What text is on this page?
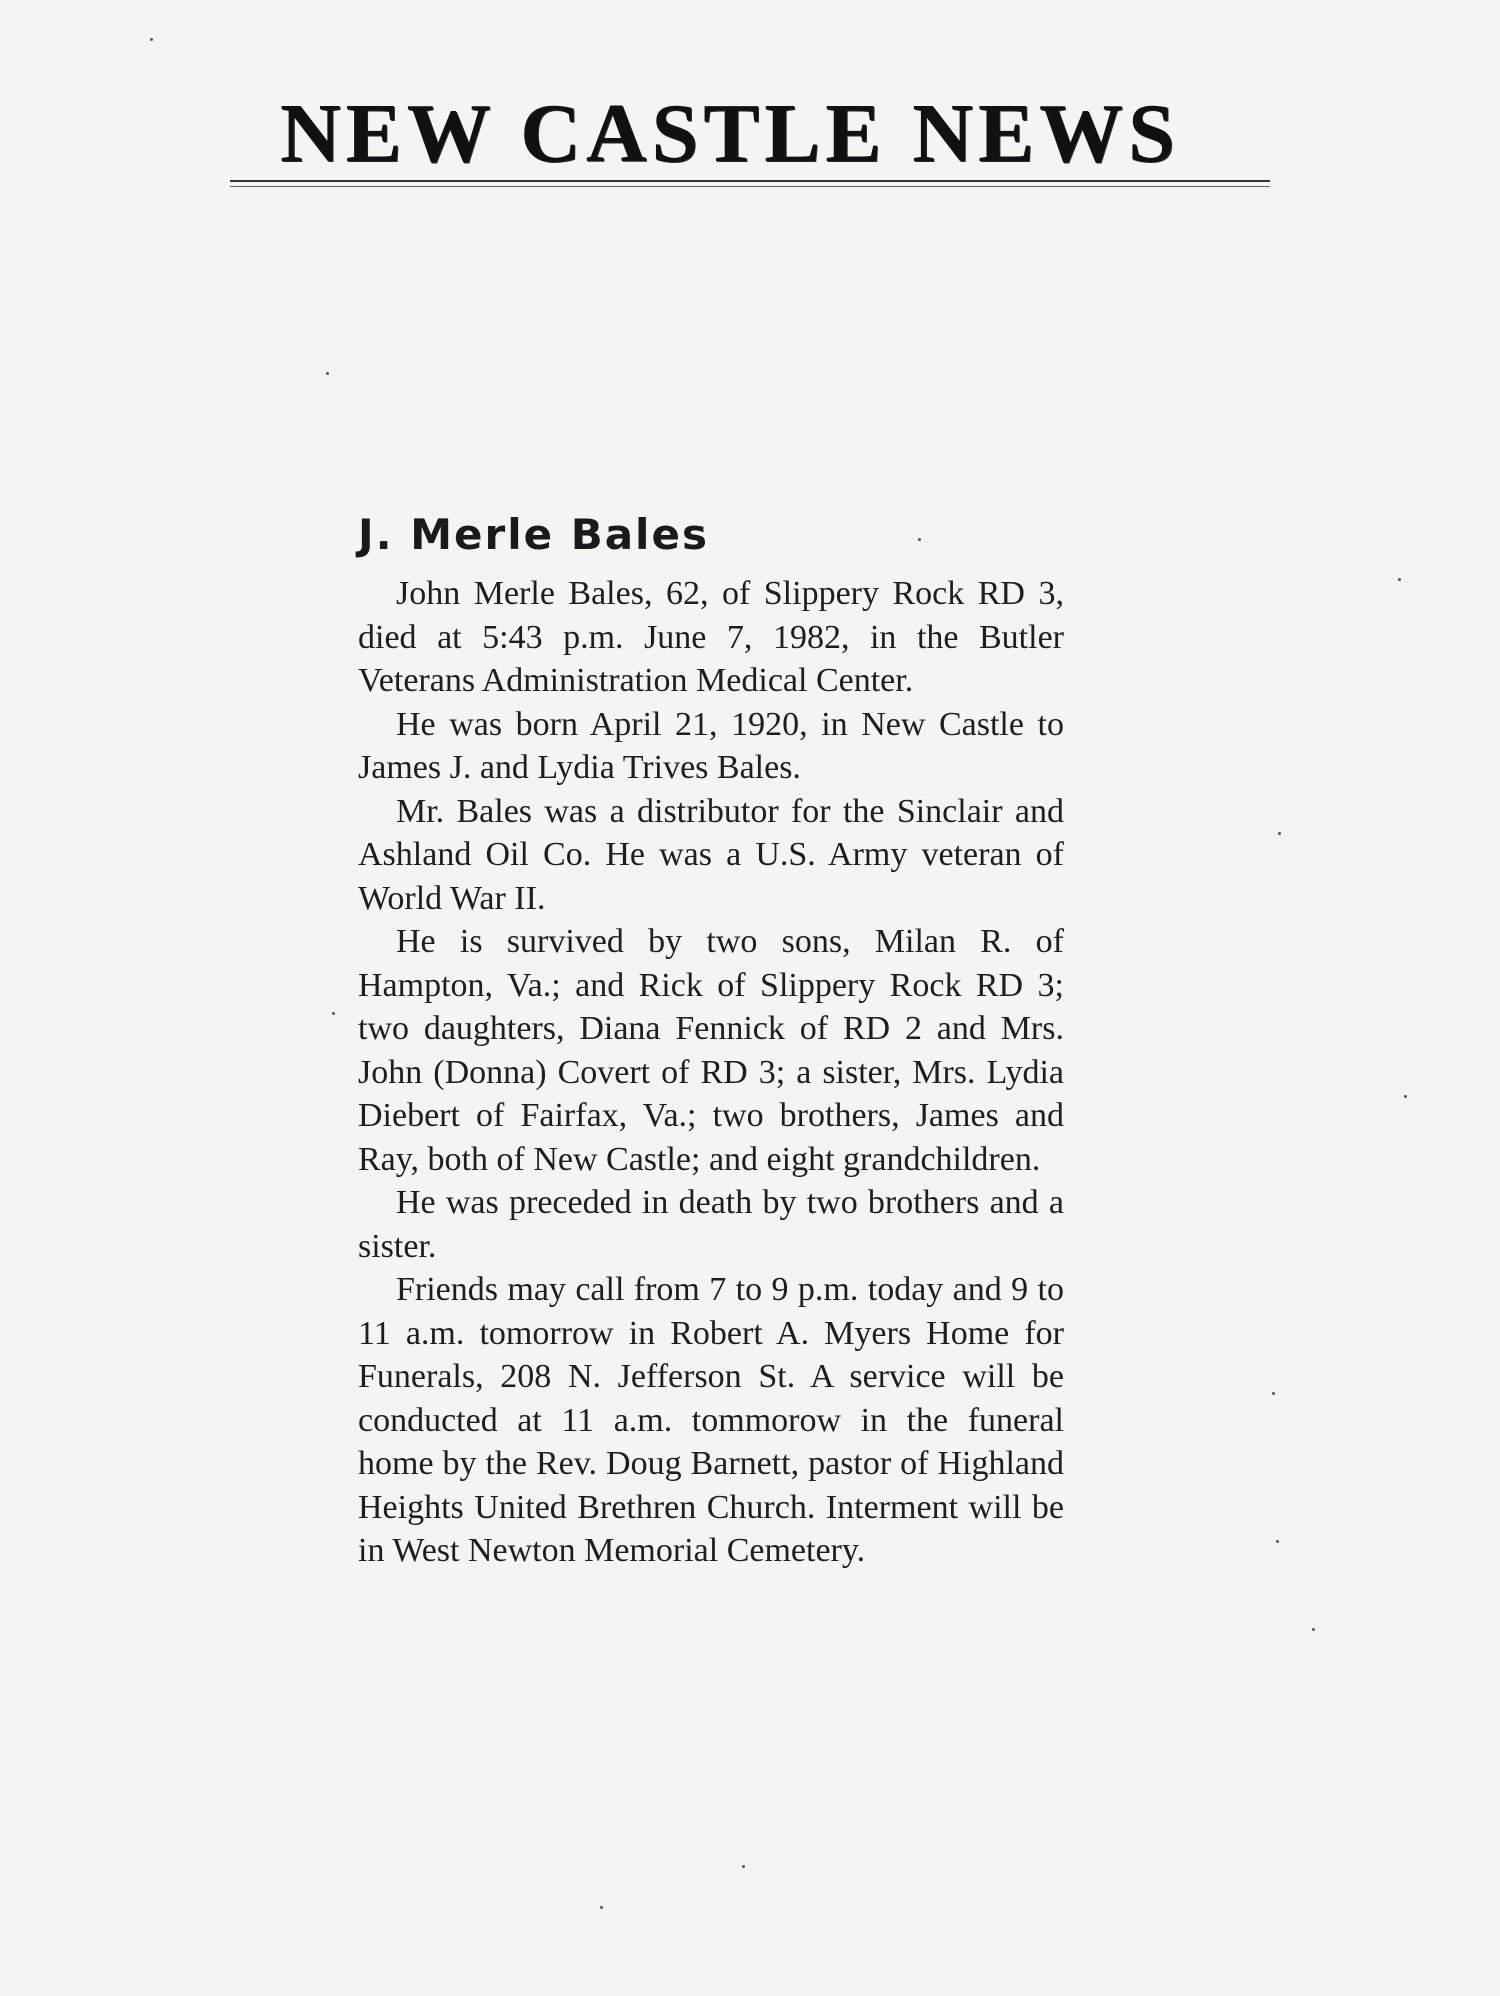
NEW CASTLE NEWS
J. Merle Bales

John Merle Bales, 62, of Slippery Rock RD 3, died at 5:43 p.m. June 7, 1982, in the Butler Veterans Administration Medical Center.

He was born April 21, 1920, in New Castle to James J. and Lydia Trives Bales.

Mr. Bales was a distributor for the Sinclair and Ashland Oil Co. He was a U.S. Army veteran of World War II.

He is survived by two sons, Milan R. of Hampton, Va.; and Rick of Slippery Rock RD 3; two daughters, Diana Fennick of RD 2 and Mrs. John (Donna) Covert of RD 3; a sister, Mrs. Lydia Diebert of Fairfax, Va.; two brothers, James and Ray, both of New Castle; and eight grandchildren.

He was preceded in death by two brothers and a sister.

Friends may call from 7 to 9 p.m. today and 9 to 11 a.m. tomorrow in Robert A. Myers Home for Funerals, 208 N. Jefferson St. A service will be conducted at 11 a.m. tommorow in the funeral home by the Rev. Doug Barnett, pastor of Highland Heights United Brethren Church. Interment will be in West Newton Memorial Cemetery.
